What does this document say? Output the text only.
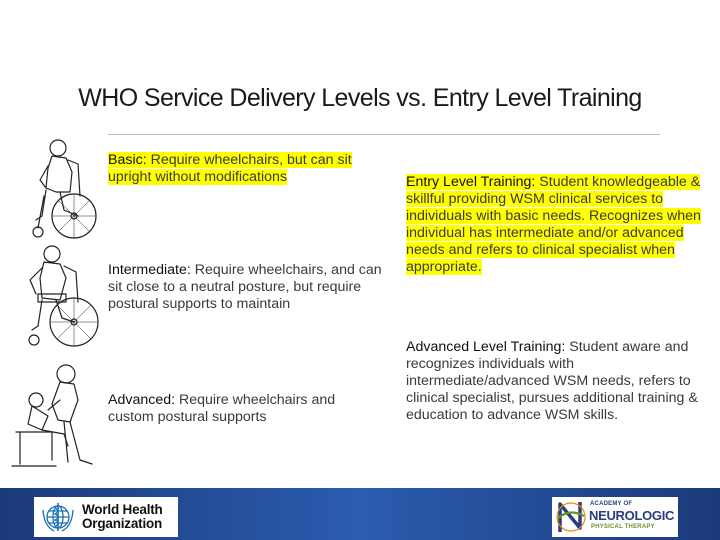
WHO Service Delivery Levels vs. Entry Level Training
Basic: Require wheelchairs, but can sit upright without modifications
Intermediate: Require wheelchairs, and can sit close to a neutral posture, but require postural supports to maintain
Advanced: Require wheelchairs and
custom postural supports
Entry Level Training: Student knowledgeable & skillful providing WSM clinical services to individuals with basic needs. Recognizes when individual has intermediate and/or advanced needs and refers to clinical specialist when appropriate.
Advanced Level Training: Student aware and recognizes individuals with intermediate/advanced WSM needs, refers to clinical specialist, pursues additional training & education to advance WSM skills.
World Health
Organization
ACADEMY OF
NEUROLOGIC
PHYSICAL THERAPY
